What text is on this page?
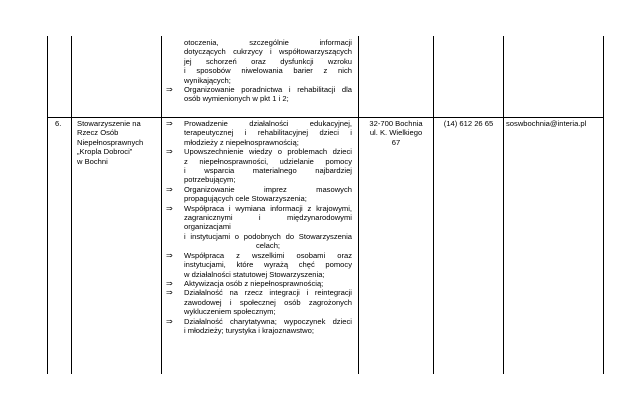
otoczenia, szczególnie informacji
dotyczących cukrzycy i współtowarzyszących
jej schorzeń oraz dysfunkcji wzroku
i sposobów niwelowania barier z nich
wynikających;
⇒ Organizowanie poradnictwa i rehabilitacji dla
osób wymienionych w pkt 1 i 2;
6. Stowarzyszenie na
Rzecz Osób
Niepełnosprawnych
„Kropla Dobroci”
w Bochni
⇒ Prowadzenie działalności edukacyjnej,
terapeutycznej i rehabilitacyjnej dzieci i
młodzieży z niepełnosprawnością;
⇒ Upowszechnienie wiedzy o problemach dzieci
z niepełnosprawności, udzielanie pomocy
i wsparcia materialnego najbardziej
potrzebującym;
⇒ Organizowanie imprez masowych
propagujących cele Stowarzyszenia;
⇒ Współpraca i wymiana informacji z krajowymi,
zagranicznymi i międzynarodowymi
organizacjami
i instytucjami o podobnych do Stowarzyszenia
celach;
⇒ Współpraca z wszelkimi osobami oraz
instytucjami, które wyrażą chęć pomocy
w działalności statutowej Stowarzyszenia;
⇒ Aktywizacja osób z niepełnosprawnością;
⇒ Działalność na rzecz integracji i reintegracji
zawodowej i społecznej osób zagrożonych
wykluczeniem społecznym;
⇒ Działalność charytatywna; wypoczynek dzieci
i młodzieży; turystyka i krajoznawstwo;
32-700 Bochnia
ul. K. Wielkiego
67
(14) 612 26 65	soswbochnia@interia.pl
